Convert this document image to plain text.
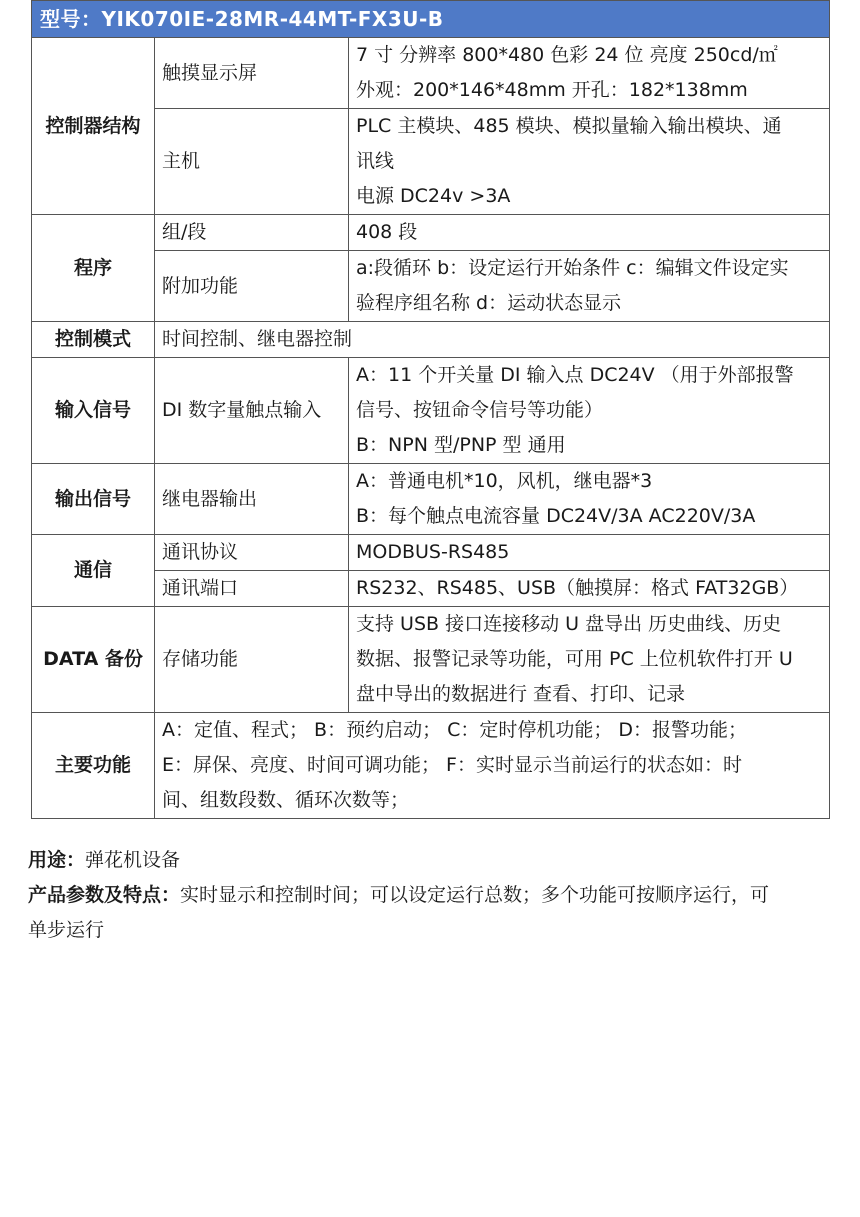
型号：YIK070IE-28MR-44MT-FX3U-B		
控制器结构	触摸显示屏	7 寸 分辨率 800*480 色彩 24 位 亮度 250cd/㎡
外观：200*146*48mm 开孔：182*138mm

	主机	PLC 主模块、485 模块、模拟量输入输出模块、通
讯线
电源 DC24v >3A

程序	组/段	408 段
	附加功能	a:段循环 b：设定运行开始条件 c：编辑文件设定实
验程序组名称 d：运动状态显示

控制模式	时间控制、继电器控制	
输入信号	DI 数字量触点输入	A：11 个开关量 DI 输入点 DC24V （用于外部报警
信号、按钮命令信号等功能）
B：NPN 型/PNP 型 通用

输出信号	继电器输出	A：普通电机*10，风机，继电器*3
B：每个触点电流容量 DC24V/3A AC220V/3A

通信	通讯协议	MODBUS-RS485
	通讯端口	RS232、RS485、USB（触摸屏：格式 FAT32GB）
DATA 备份	存储功能	支持 USB 接口连接移动 U 盘导出 历史曲线、历史
数据、报警记录等功能，可用 PC 上位机软件打开 U
盘中导出的数据进行 查看、打印、记录

主要功能	A：定值、程式； B：预约启动； C：定时停机功能； D：报警功能；
E：屏保、亮度、时间可调功能； F：实时显示当前运行的状态如：时
间、组数段数、循环次数等；	

用途：弹花机设备

产品参数及特点：实时显示和控制时间；可以设定运行总数；多个功能可按顺序运行，可

单步运行
